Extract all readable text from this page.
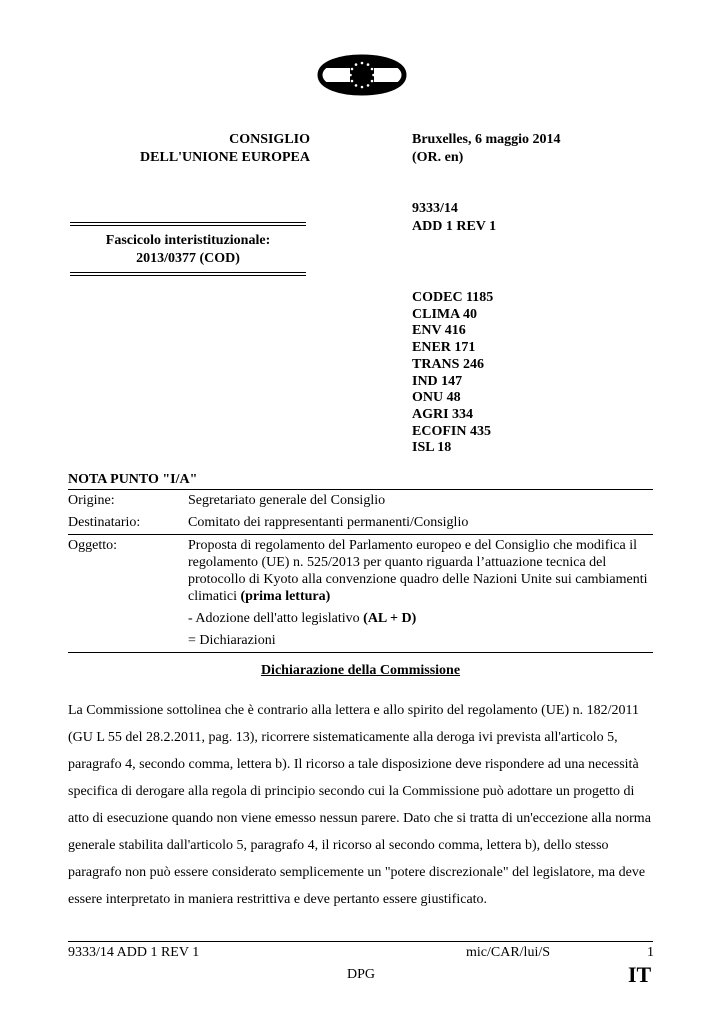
CONSIGLIO
DELL'UNIONE EUROPEA
Fascicolo interistituzionale:
2013/0377 (COD)
Bruxelles, 6 maggio 2014
(OR. en)
9333/14
ADD 1 REV 1
CODEC 1185
CLIMA 40
ENV 416
ENER 171
TRANS 246
IND 147
ONU 48
AGRI 334
ECOFIN 435
ISL 18
NOTA PUNTO "I/A"
Origine:	Segretariato generale del Consiglio
Destinatario:	Comitato dei rappresentanti permanenti/Consiglio
Oggetto:	Proposta di regolamento del Parlamento europeo e del Consiglio che modifica il regolamento (UE) n. 525/2013 per quanto riguarda l’attuazione tecnica del protocollo di Kyoto alla convenzione quadro delle Nazioni Unite sui cambiamenti climatici (prima lettura)
- Adozione dell'atto legislativo (AL + D)
= Dichiarazioni
Dichiarazione della Commissione
La Commissione sottolinea che è contrario alla lettera e allo spirito del regolamento (UE) n. 182/2011 (GU L 55 del 28.2.2011, pag. 13), ricorrere sistematicamente alla deroga ivi prevista all'articolo 5, paragrafo 4, secondo comma, lettera b). Il ricorso a tale disposizione deve rispondere ad una necessità specifica di derogare alla regola di principio secondo cui la Commissione può adottare un progetto di atto di esecuzione quando non viene emesso nessun parere. Dato che si tratta di un'eccezione alla norma generale stabilita dall'articolo 5, paragrafo 4, il ricorso al secondo comma, lettera b), dello stesso paragrafo non può essere considerato semplicemente un "potere discrezionale" del legislatore, ma deve essere interpretato in maniera restrittiva e deve pertanto essere giustificato.
9333/14 ADD 1 REV 1	mic/CAR/lui/S	1
DPG	IT
